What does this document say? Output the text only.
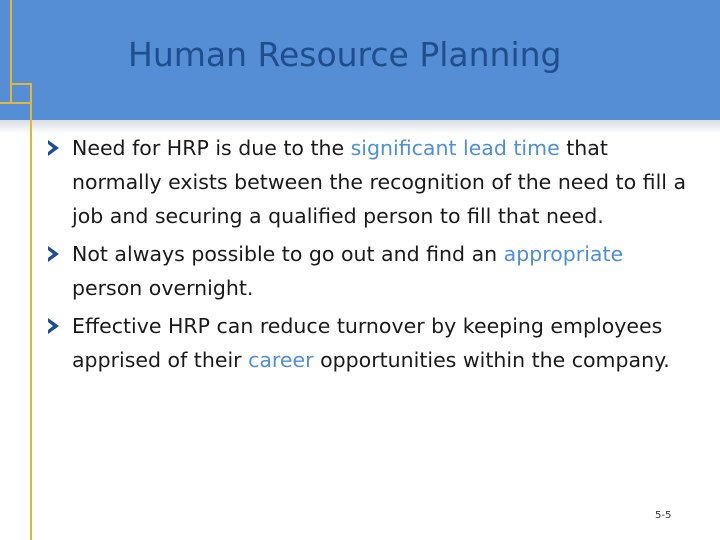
Human Resource Planning
Need for HRP is due to the significant lead time that normally exists between the recognition of the need to fill a job and securing a qualified person to fill that need.
Not always possible to go out and find an appropriate person overnight.
Effective HRP can reduce turnover by keeping employees apprised of their career opportunities within the company.
5-5
